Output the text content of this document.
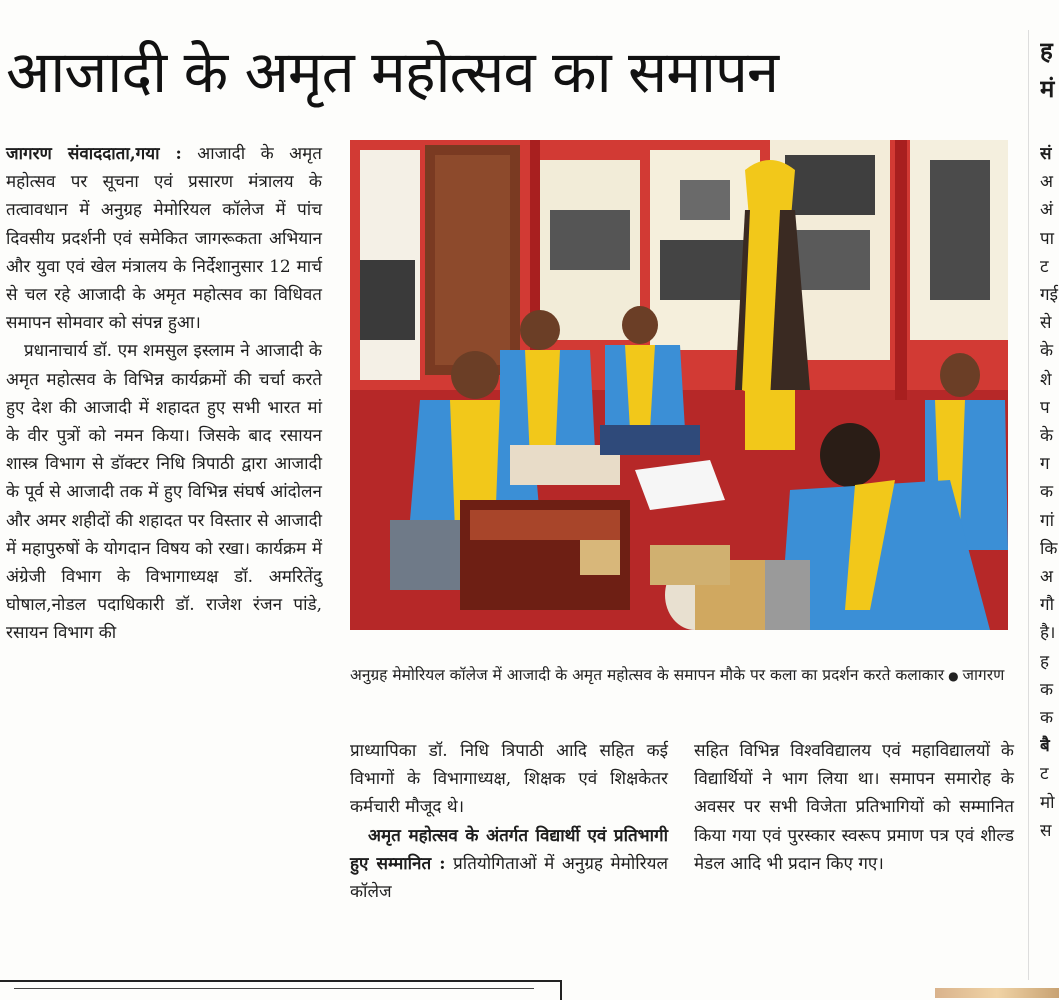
आजादी के अमृत महोत्सव का समापन	ह
मं

जागरण संवाददाता,गया : आजादी के अमृत महोत्सव पर सूचना एवं प्रसारण मंत्रालय के तत्वावधान में अनुग्रह मेमोरियल कॉलेज में पांच दिवसीय प्रदर्शनी एवं समेकित जागरूकता अभियान और युवा एवं खेल मंत्रालय के निर्देशानुसार 12 मार्च से चल रहे आजादी के अमृत महोत्सव का विधिवत समापन सोमवार को संपन्न हुआ।

प्रधानाचार्य डॉ. एम शमसुल इस्लाम ने आजादी के अमृत महोत्सव के विभिन्न कार्यक्रमों की चर्चा करते हुए देश की आजादी में शहादत हुए सभी भारत मां के वीर पुत्रों को नमन किया। जिसके बाद रसायन शास्त्र विभाग से डॉक्टर निधि त्रिपाठी द्वारा आजादी के पूर्व से आजादी तक में हुए विभिन्न संघर्ष आंदोलन और अमर शहीदों की शहादत पर विस्तार से आजादी में महापुरुषों के योगदान विषय को रखा। कार्यक्रम में अंग्रेजी विभाग के विभागाध्यक्ष डॉ. अमरितेंदु घोषाल,नोडल पदाधिकारी डॉ. राजेश रंजन पांडे, रसायन विभाग की

अनुग्रह मेमोरियल कॉलेज में आजादी के अमृत महोत्सव के समापन मौके पर कला का प्रदर्शन करते कलाकार ● जागरण

प्राध्यापिका डॉ. निधि त्रिपाठी आदि सहित कई विभागों के विभागाध्यक्ष, शिक्षक एवं शिक्षकेतर कर्मचारी मौजूद थे।

अमृत महोत्सव के अंतर्गत विद्यार्थी एवं प्रतिभागी हुए सम्मानित : प्रतियोगिताओं में अनुग्रह मेमोरियल कॉलेज

सहित विभिन्न विश्वविद्यालय एवं महाविद्यालयों के विद्यार्थियों ने भाग लिया था। समापन समारोह के अवसर पर सभी विजेता प्रतिभागियों को सम्मानित किया गया एवं पुरस्कार स्वरूप प्रमाण पत्र एवं शील्ड मेडल आदि भी प्रदान किए गए।

सं
अ
अं
पा
ट
गई
से
के
शे
प
के
ग
क
गां
कि
अ
गौ
है।
ह
क
क
बै
ट
मो
स
